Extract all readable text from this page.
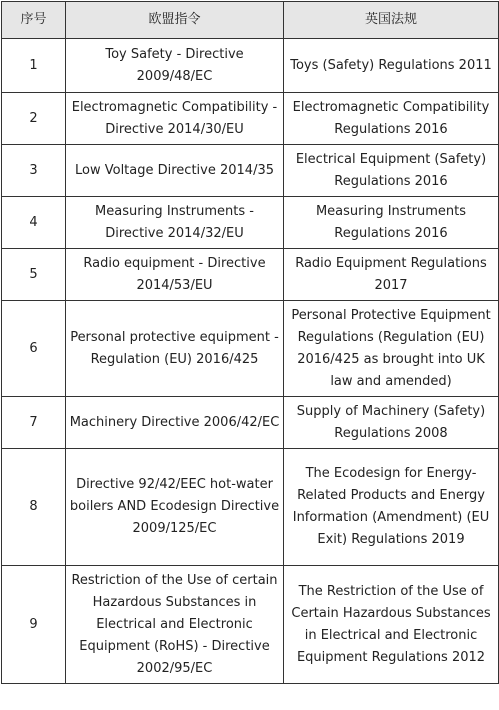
序号	欧盟指令	英国法规
1	Toy Safety - Directive 2009/48/EC	Toys (Safety) Regulations 2011
2	Electromagnetic Compatibility - Directive 2014/30/EU	Electromagnetic Compatibility Regulations 2016
3	Low Voltage Directive 2014/35	Electrical Equipment (Safety) Regulations 2016
4	Measuring Instruments - Directive 2014/32/EU	Measuring Instruments Regulations 2016
5	Radio equipment - Directive 2014/53/EU	Radio Equipment Regulations 2017
6	Personal protective equipment - Regulation (EU) 2016/425	Personal Protective Equipment Regulations (Regulation (EU) 2016/425 as brought into UK law and amended)
7	Machinery Directive 2006/42/EC	Supply of Machinery (Safety) Regulations 2008
8	Directive 92/42/EEC hot-water boilers AND Ecodesign Directive 2009/125/EC	The Ecodesign for Energy-Related Products and Energy Information (Amendment) (EU Exit) Regulations 2019
9	Restriction of the Use of certain Hazardous Substances in Electrical and Electronic Equipment (RoHS) - Directive 2002/95/EC	The Restriction of the Use of Certain Hazardous Substances in Electrical and Electronic Equipment Regulations 2012
